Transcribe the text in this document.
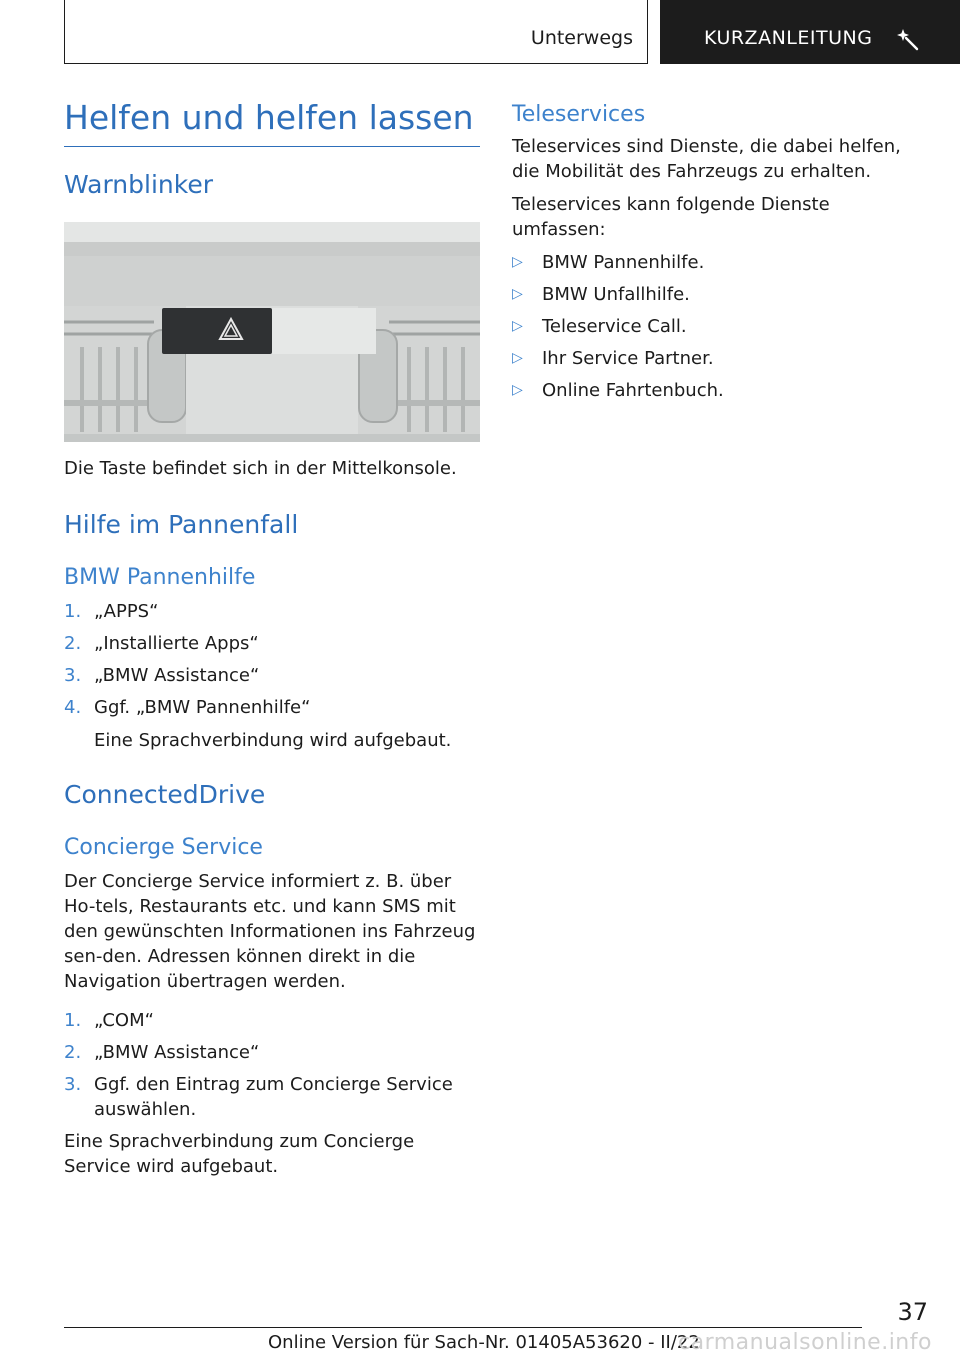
Unterwegs	KURZANLEITUNG
Helfen und helfen lassen
Warnblinker

Die Taste befindet sich in der Mittelkonsole.

Hilfe im Pannenfall
BMW Pannenhilfe
1. „APPS“
2. „Installierte Apps“
3. „BMW Assistance“
4. Ggf. „BMW Pannenhilfe“
Eine Sprachverbindung wird aufgebaut.
ConnectedDrive
Concierge Service

Der Concierge Service informiert z. B. über Ho-tels, Restaurants etc. und kann SMS mit den gewünschten Informationen ins Fahrzeug sen-den. Adressen können direkt in die Navigation übertragen werden.

1. „COM“
2. „BMW Assistance“
3. Ggf. den Eintrag zum Concierge Service auswählen.

Eine Sprachverbindung zum Concierge Service wird aufgebaut.

Teleservices

Teleservices sind Dienste, die dabei helfen, die Mobilität des Fahrzeugs zu erhalten.

Teleservices kann folgende Dienste umfassen:

▷ BMW Pannenhilfe.
▷ BMW Unfallhilfe.
▷ Teleservice Call.
▷ Ihr Service Partner.
▷ Online Fahrtenbuch.
37
Online Version für Sach-Nr. 01405A53620 - II/22
carmanualsonline.info
